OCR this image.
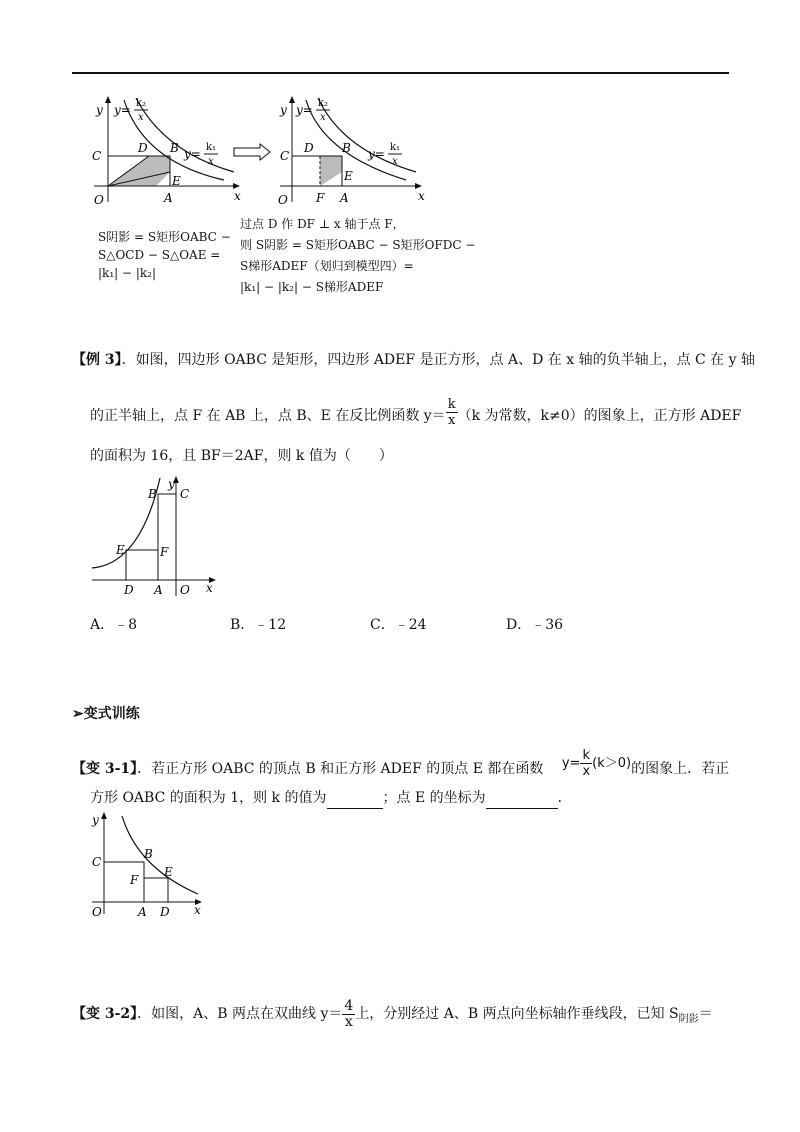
y
x
O
C
D B
E
A
y= k₂
x
y= k₁
x
S阴影 = S矩形OABC −
S△OCD − S△OAE =
|k₁| − |k₂|
y
x
O
C
D B
E
F A
y= k₂
x
y= k₁
x
过点 D 作 DF ⊥ x 轴于点 F，
则 S阴影 = S矩形OABC − S矩形OFDC −
S梯形ADEF（划归到模型四）=
|k₁| − |k₂| − S梯形ADEF
【例 3】．如图，四边形 OABC 是矩形，四边形 ADEF 是正方形，点 A、D 在 x 轴的负半轴上，点 C 在 y 轴
的正半轴上，点 F 在 AB 上，点 B、E 在反比例函数 $y= \frac{k}{x} (k$ 为常数，k≠0）的图象上，正方形 ADEF
的面积为 16，且 BF＝2AF，则 k 值为（　　）
y
x
B C
E	F
D A O
A．﹣8	B．﹣12	C．﹣24	D．﹣36
➢变式训练
【变 3-1】．若正方形 OABC 的顶点 B 和正方形 ADEF 的顶点 E 都在函数 $y= \frac{k}{x} (k>0)$的图象上．若正
方形 OABC 的面积为 1，则 k 的值为	；点 E 的坐标为	．
y
x
C
B
E
F
O	A D
【变 3-2】．如图，A、B 两点在双曲线 $y= \frac{4}{x}$ 上，分别经过 A、B 两点向坐标轴作垂线段，已知 $S_{阴影}=$
